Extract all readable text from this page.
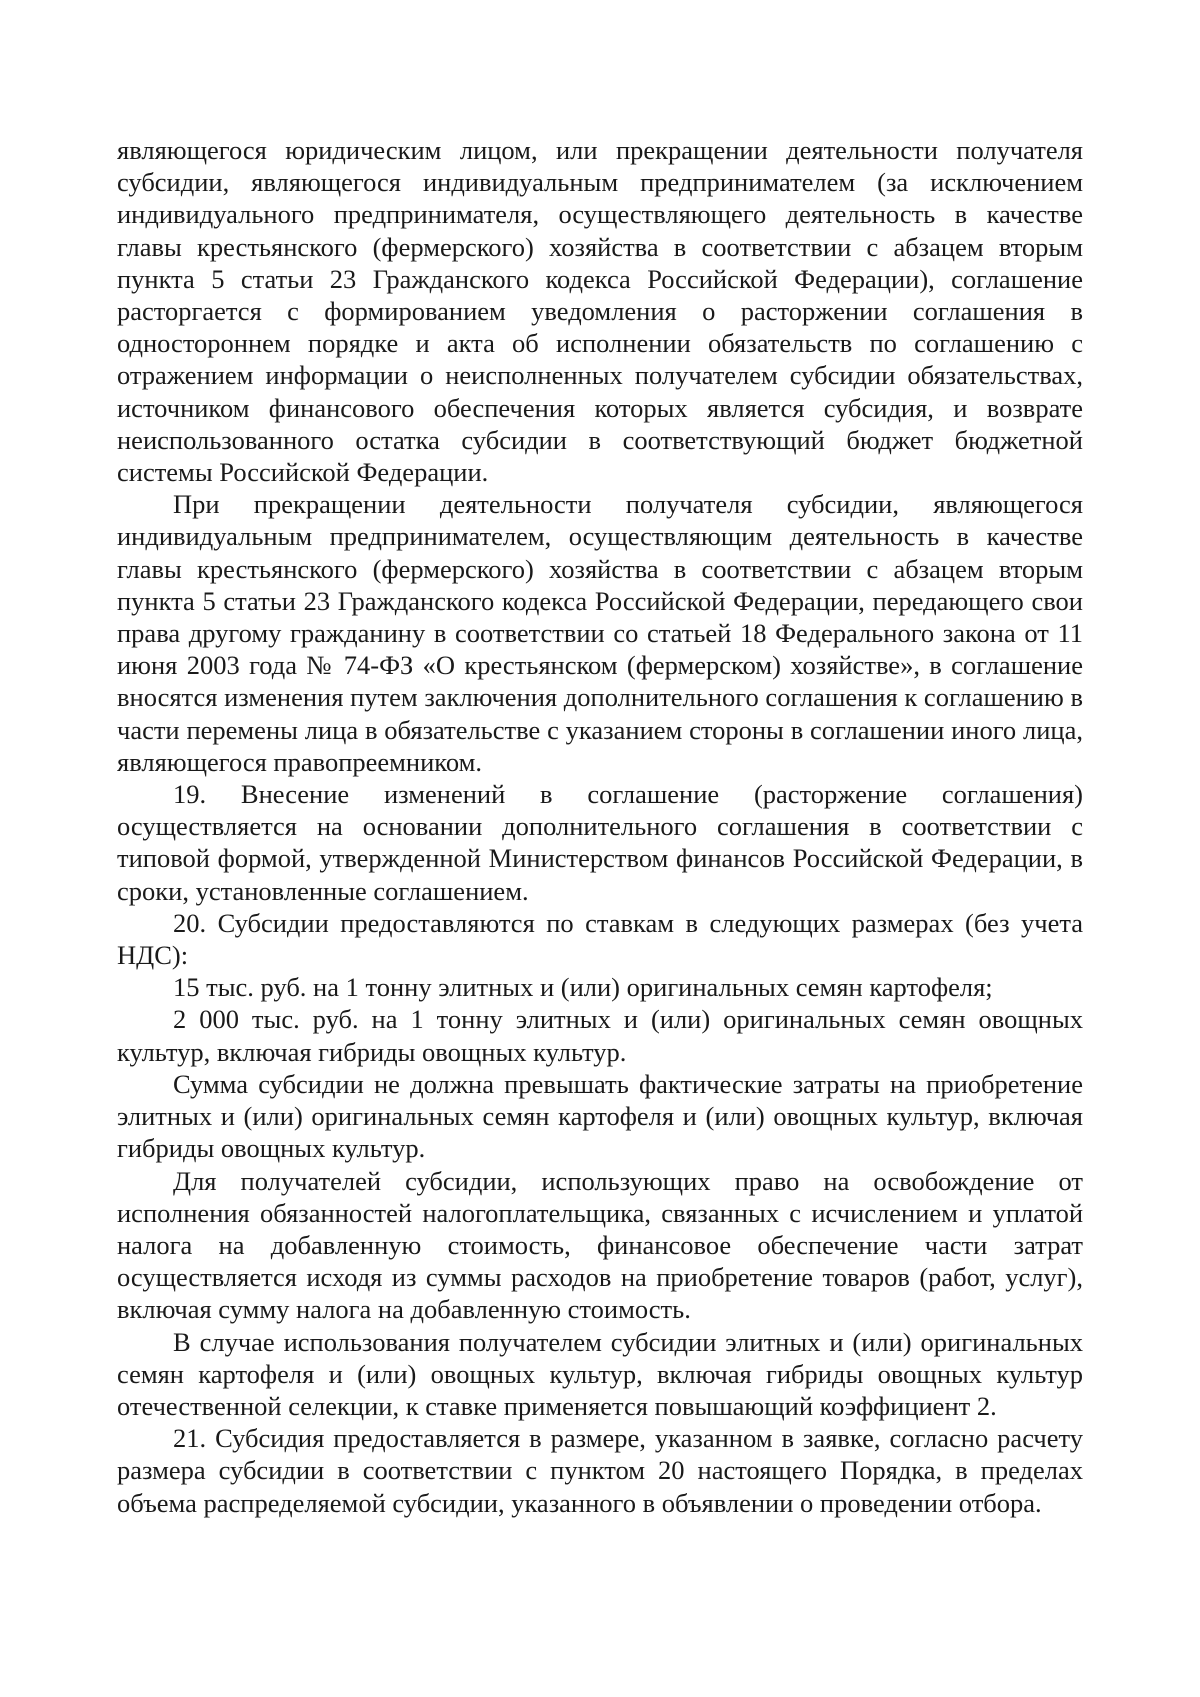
являющегося юридическим лицом, или прекращении деятельности получателя субсидии, являющегося индивидуальным предпринимателем (за исключением индивидуального предпринимателя, осуществляющего деятельность в качестве главы крестьянского (фермерского) хозяйства в соответствии с абзацем вторым пункта 5 статьи 23 Гражданского кодекса Российской Федерации), соглашение расторгается с формированием уведомления о расторжении соглашения в одностороннем порядке и акта об исполнении обязательств по соглашению с отражением информации о неисполненных получателем субсидии обязательствах, источником финансового обеспечения которых является субсидия, и возврате неиспользованного остатка субсидии в соответствующий бюджет бюджетной системы Российской Федерации.

При прекращении деятельности получателя субсидии, являющегося индивидуальным предпринимателем, осуществляющим деятельность в качестве главы крестьянского (фермерского) хозяйства в соответствии с абзацем вторым пункта 5 статьи 23 Гражданского кодекса Российской Федерации, передающего свои права другому гражданину в соответствии со статьей 18 Федерального закона от 11 июня 2003 года № 74-ФЗ «О крестьянском (фермерском) хозяйстве», в соглашение вносятся изменения путем заключения дополнительного соглашения к соглашению в части перемены лица в обязательстве с указанием стороны в соглашении иного лица, являющегося правопреемником.

19. Внесение изменений в соглашение (расторжение соглашения) осуществляется на основании дополнительного соглашения в соответствии с типовой формой, утвержденной Министерством финансов Российской Федерации, в сроки, установленные соглашением.

20. Субсидии предоставляются по ставкам в следующих размерах (без учета НДС):

15 тыс. руб. на 1 тонну элитных и (или) оригинальных семян картофеля;

2 000 тыс. руб. на 1 тонну элитных и (или) оригинальных семян овощных культур, включая гибриды овощных культур.

Сумма субсидии не должна превышать фактические затраты на приобретение элитных и (или) оригинальных семян картофеля и (или) овощных культур, включая гибриды овощных культур.

Для получателей субсидии, использующих право на освобождение от исполнения обязанностей налогоплательщика, связанных с исчислением и уплатой налога на добавленную стоимость, финансовое обеспечение части затрат осуществляется исходя из суммы расходов на приобретение товаров (работ, услуг), включая сумму налога на добавленную стоимость.

В случае использования получателем субсидии элитных и (или) оригинальных семян картофеля и (или) овощных культур, включая гибриды овощных культур отечественной селекции, к ставке применяется повышающий коэффициент 2.

21. Субсидия предоставляется в размере, указанном в заявке, согласно расчету размера субсидии в соответствии с пунктом 20 настоящего Порядка, в пределах объема распределяемой субсидии, указанного в объявлении о проведении отбора.
